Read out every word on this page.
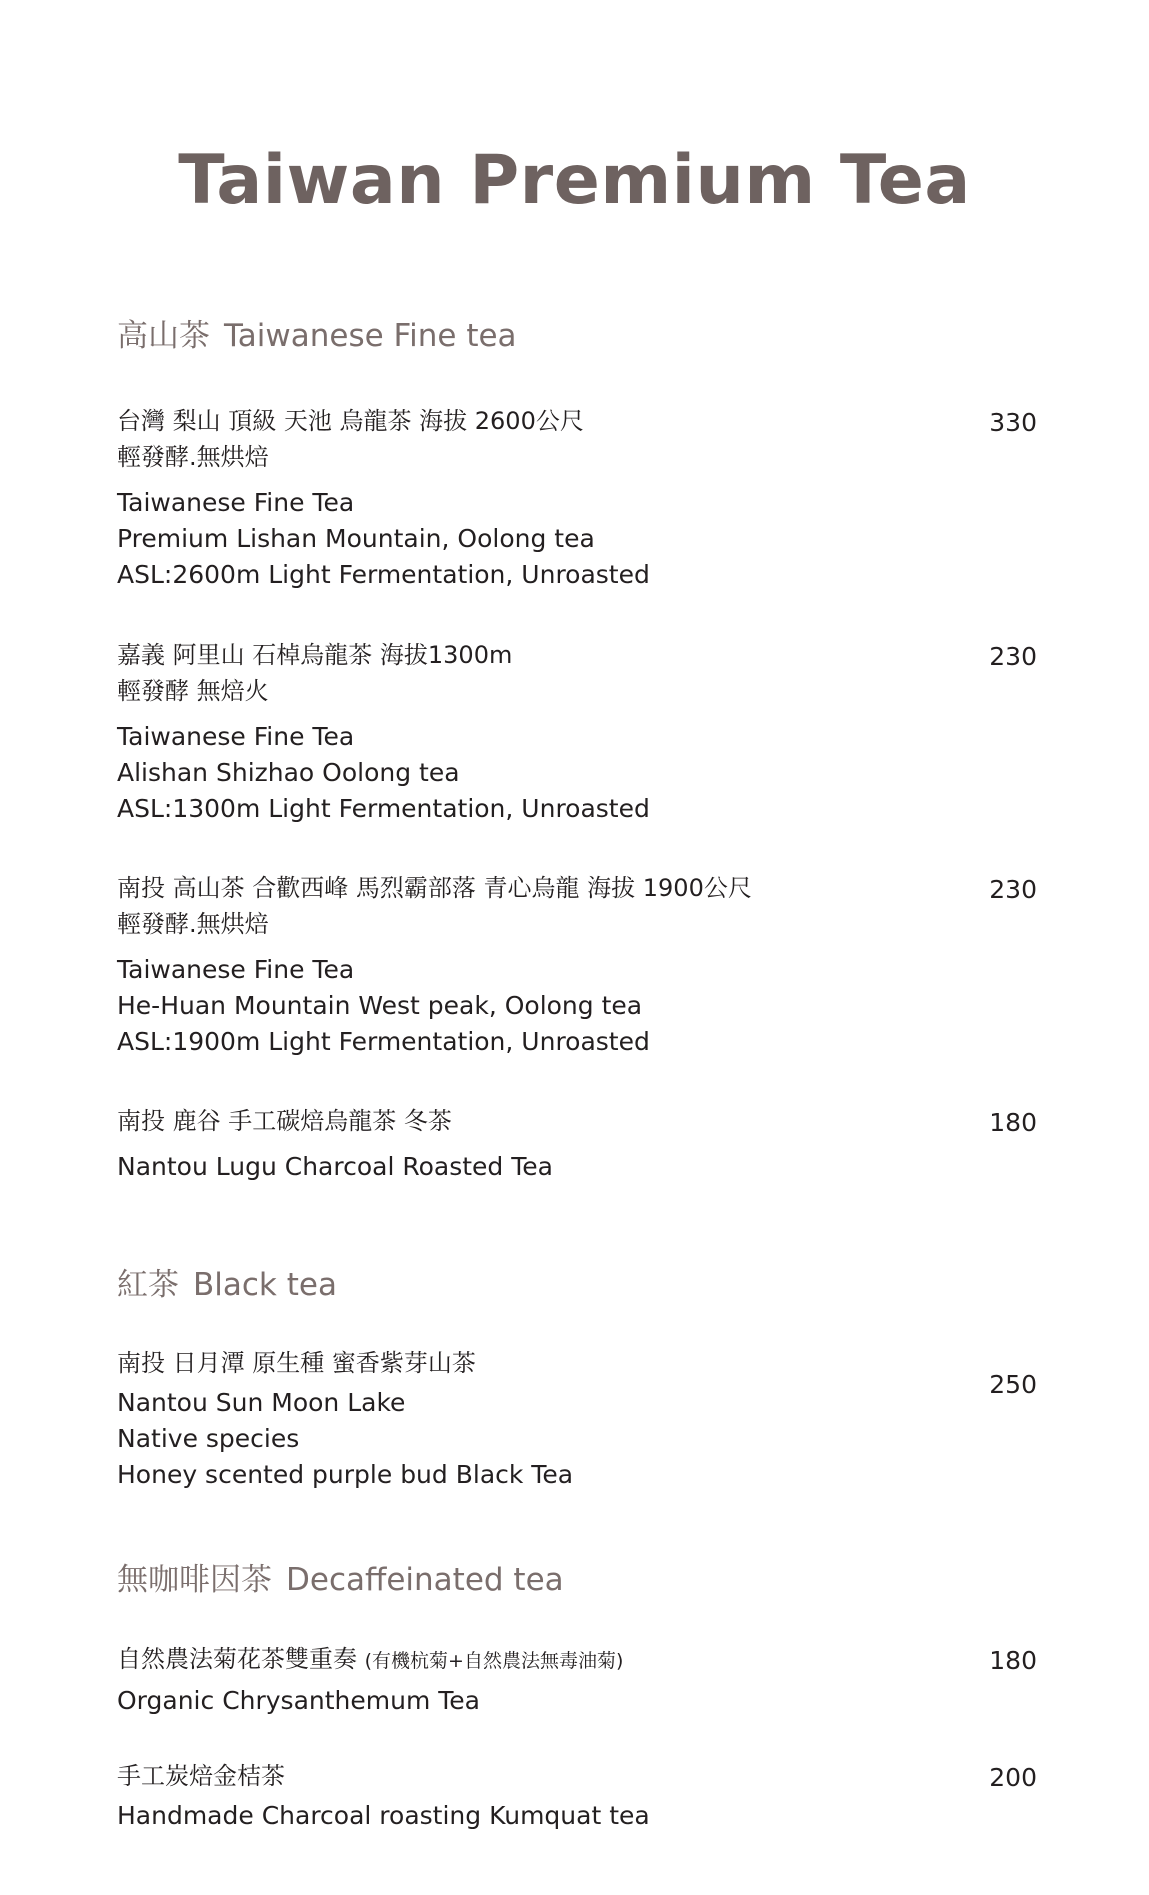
Taiwan Premium Tea
高山茶 Taiwanese Fine tea
330
台灣 梨山 頂級 天池 烏龍茶 海拔 2600公尺
輕發酵.無烘焙
Taiwanese Fine Tea
Premium Lishan Mountain, Oolong tea
ASL:2600m Light Fermentation, Unroasted
230
嘉義 阿里山 石棹烏龍茶 海拔1300m
輕發酵 無焙火
Taiwanese Fine Tea
Alishan Shizhao Oolong tea
ASL:1300m Light Fermentation, Unroasted
230
南投 高山茶 合歡西峰 馬烈霸部落 青心烏龍 海拔 1900公尺
輕發酵.無烘焙
Taiwanese Fine Tea
He-Huan Mountain West peak, Oolong tea
ASL:1900m Light Fermentation, Unroasted
180
南投 鹿谷 手工碳焙烏龍茶 冬茶
Nantou Lugu Charcoal Roasted Tea
紅茶 Black tea
250
南投 日月潭 原生種 蜜香紫芽山茶
Nantou Sun Moon Lake
Native species
Honey scented purple bud Black Tea
無咖啡因茶 Decaffeinated tea
180
自然農法菊花茶雙重奏 (有機杭菊+自然農法無毒油菊)
Organic Chrysanthemum Tea
200
手工炭焙金桔茶
Handmade Charcoal roasting Kumquat tea
